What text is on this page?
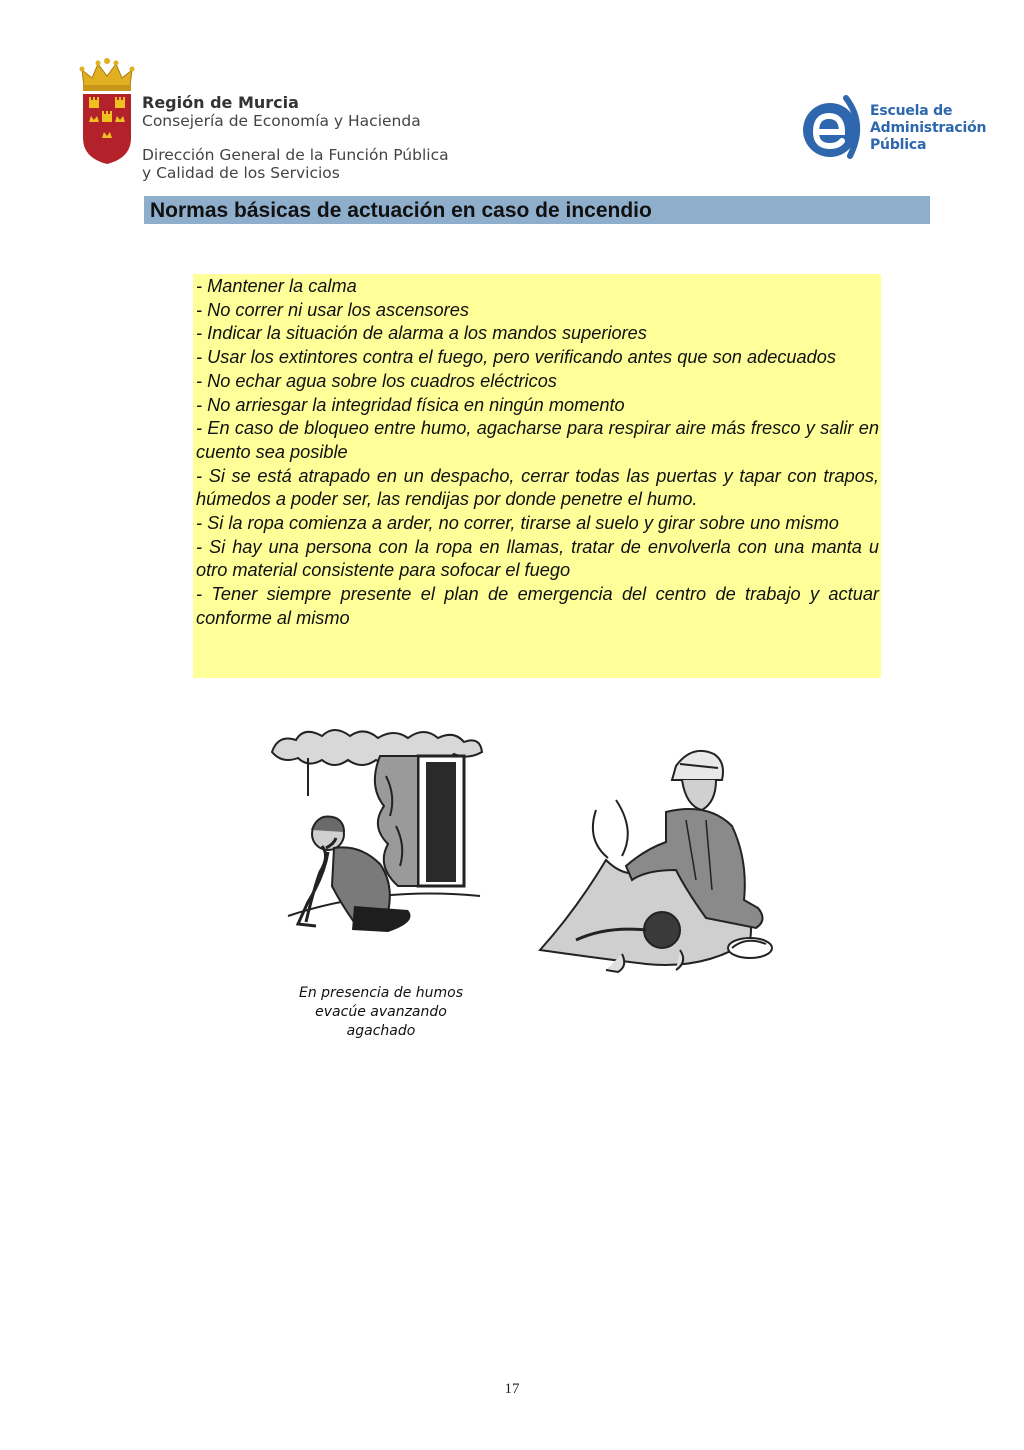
Región de Murcia
Consejería de Economía y Hacienda
Dirección General de la Función Pública
y Calidad de los Servicios
Escuela de
Administración
Pública
Normas básicas de actuación en caso de incendio

- Mantener la calma

- No correr ni usar los ascensores

- Indicar la situación de alarma a los mandos superiores

- Usar los extintores contra el fuego, pero verificando antes que son adecuados

- No echar agua sobre los cuadros eléctricos

- No arriesgar la integridad física en ningún momento

- En caso de bloqueo entre humo, agacharse para respirar aire más fresco y salir en cuento sea posible

- Si se está atrapado en un despacho, cerrar todas las puertas y tapar con trapos, húmedos a poder ser, las rendijas por donde penetre el humo.

- Si la ropa comienza a arder, no correr, tirarse al suelo y girar sobre uno mismo

- Si hay una persona con la ropa en llamas, tratar de envolverla con una manta u otro material consistente para sofocar el fuego

- Tener siempre presente el plan de emergencia del centro de trabajo y actuar conforme al mismo

En presencia de humos
evacúe avanzando agachado
17
